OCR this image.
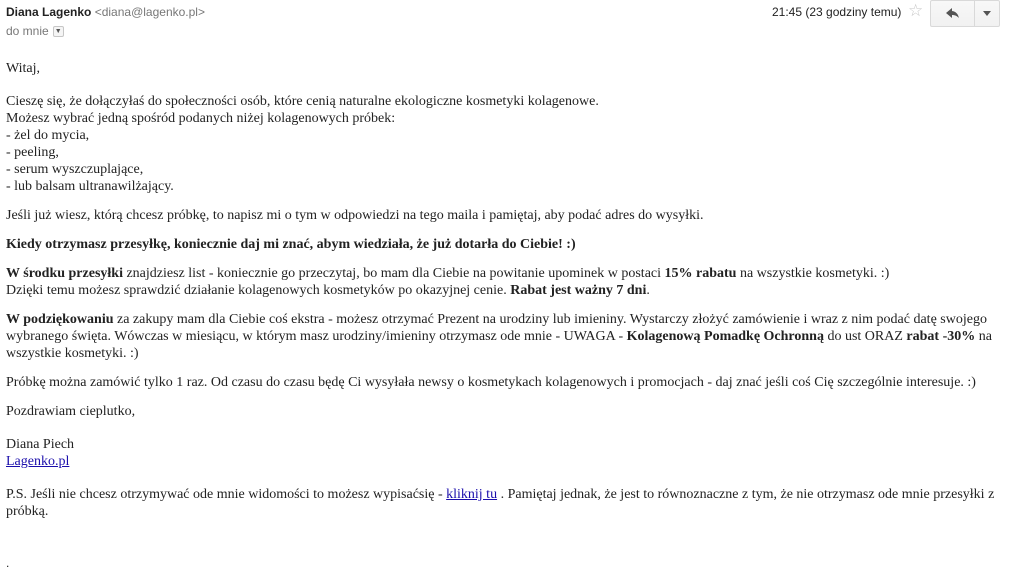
Diana Lagenko <diana@lagenko.pl>
do mnie ▼
21:45 (23 godziny temu) ☆

Witaj,

Cieszę się, że dołączyłaś do społeczności osób, które cenią naturalne ekologiczne kosmetyki kolagenowe.

Możesz wybrać jedną spośród podanych niżej kolagenowych próbek:

- żel do mycia,

- peeling,

- serum wyszczuplające,

- lub balsam ultranawilżający.

Jeśli już wiesz, którą chcesz próbkę, to napisz mi o tym w odpowiedzi na tego maila i pamiętaj, aby podać adres do wysyłki.

Kiedy otrzymasz przesyłkę, koniecznie daj mi znać, abym wiedziała, że już dotarła do Ciebie! :)

W środku przesyłki znajdziesz list - koniecznie go przeczytaj, bo mam dla Ciebie na powitanie upominek w postaci 15% rabatu na wszystkie kosmetyki. :)
Dzięki temu możesz sprawdzić działanie kolagenowych kosmetyków po okazyjnej cenie. Rabat jest ważny 7 dni.

W podziękowaniu za zakupy mam dla Ciebie coś ekstra - możesz otrzymać Prezent na urodziny lub imieniny. Wystarczy złożyć zamówienie i wraz z nim podać datę swojego wybranego święta. Wówczas w miesiącu, w którym masz urodziny/imieniny otrzymasz ode mnie - UWAGA - Kolagenową Pomadkę Ochronną do ust ORAZ rabat -30% na wszystkie kosmetyki. :)

Próbkę można zamówić tylko 1 raz. Od czasu do czasu będę Ci wysyłała newsy o kosmetykach kolagenowych i promocjach - daj znać jeśli coś Cię szczególnie interesuje. :)

Pozdrawiam cieplutko,

Diana Piech

Lagenko.pl

P.S. Jeśli nie chcesz otrzymywać ode mnie widomości to możesz wypisaćsię - kliknij tu . Pamiętaj jednak, że jest to równoznaczne z tym, że nie otrzymasz ode mnie przesyłki z próbką.

.
